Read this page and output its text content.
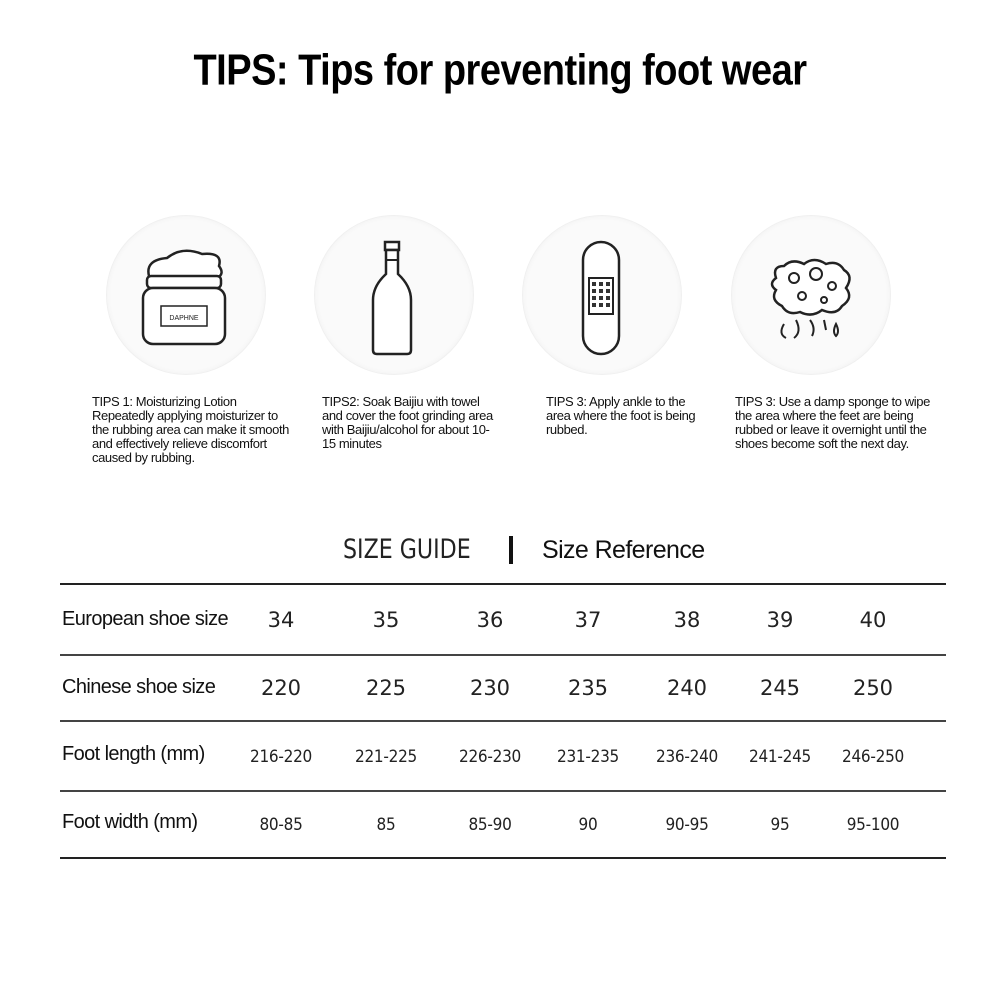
TIPS: Tips for preventing foot wear
DAPHNE
TIPS 1: Moisturizing Lotion Repeatedly applying moisturizer to the rubbing area can make it smooth and effectively relieve discomfort caused by rubbing.
TIPS2: Soak Baijiu with towel and cover the foot grinding area with Baijiu/alcohol for about 10-15 minutes
TIPS 3: Apply ankle to the area where the foot is being rubbed.
TIPS 3: Use a damp sponge to wipe the area where the feet are being rubbed or leave it overnight until the shoes become soft the next day.
SIZE GUIDE	Size Reference
European shoe size	34	35	36	37	38	39	40
Chinese shoe size	220	225	230	235	240	245	250
Foot length (mm)	216-220	221-225	226-230	231-235	236-240	241-245	246-250
Foot width (mm)	80-85	85	85-90	90	90-95	95	95-100
